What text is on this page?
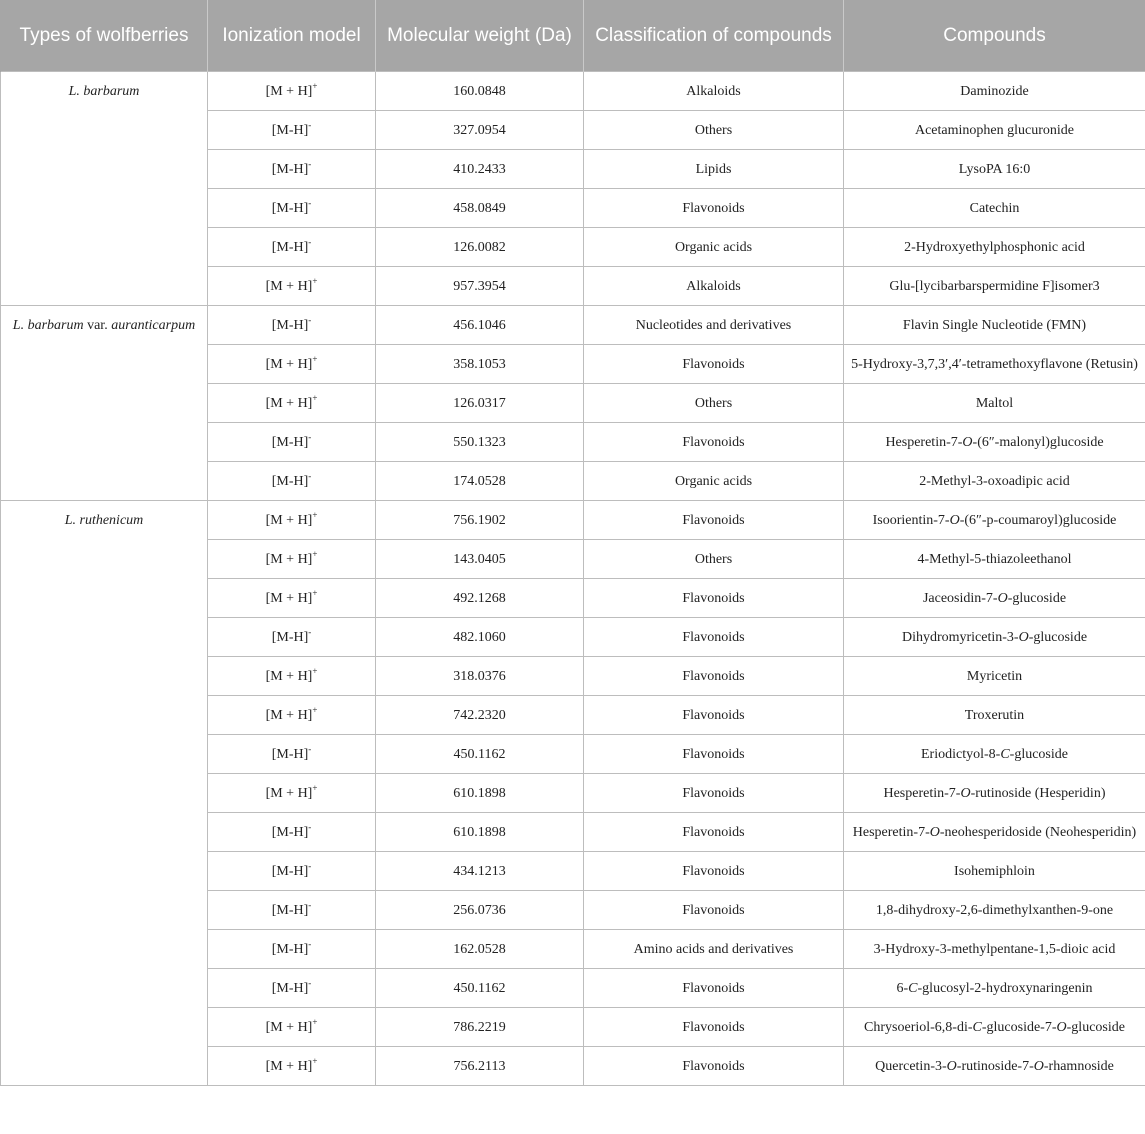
Types of wolfberries	Ionization model	Molecular weight (Da)	Classification of compounds	Compounds
L. barbarum	[M + H]+	160.0848	Alkaloids	Daminozide
	[M-H]-	327.0954	Others	Acetaminophen glucuronide
	[M-H]-	410.2433	Lipids	LysoPA 16:0
	[M-H]-	458.0849	Flavonoids	Catechin
	[M-H]-	126.0082	Organic acids	2-Hydroxyethylphosphonic acid
	[M + H]+	957.3954	Alkaloids	Glu-[lycibarbarspermidine F]isomer3
L. barbarum var. auranticarpum	[M-H]-	456.1046	Nucleotides and derivatives	Flavin Single Nucleotide (FMN)
	[M + H]+	358.1053	Flavonoids	5-Hydroxy-3,7,3′,4′-tetramethoxyflavone (Retusin)
	[M + H]+	126.0317	Others	Maltol
	[M-H]-	550.1323	Flavonoids	Hesperetin-7-O-(6″-malonyl)glucoside
	[M-H]-	174.0528	Organic acids	2-Methyl-3-oxoadipic acid
L. ruthenicum	[M + H]+	756.1902	Flavonoids	Isoorientin-7-O-(6″-p-coumaroyl)glucoside
	[M + H]+	143.0405	Others	4-Methyl-5-thiazoleethanol
	[M + H]+	492.1268	Flavonoids	Jaceosidin-7-O-glucoside
	[M-H]-	482.1060	Flavonoids	Dihydromyricetin-3-O-glucoside
	[M + H]+	318.0376	Flavonoids	Myricetin
	[M + H]+	742.2320	Flavonoids	Troxerutin
	[M-H]-	450.1162	Flavonoids	Eriodictyol-8-C-glucoside
	[M + H]+	610.1898	Flavonoids	Hesperetin-7-O-rutinoside (Hesperidin)
	[M-H]-	610.1898	Flavonoids	Hesperetin-7-O-neohesperidoside (Neohesperidin)
	[M-H]-	434.1213	Flavonoids	Isohemiphloin
	[M-H]-	256.0736	Flavonoids	1,8-dihydroxy-2,6-dimethylxanthen-9-one
	[M-H]-	162.0528	Amino acids and derivatives	3-Hydroxy-3-methylpentane-1,5-dioic acid
	[M-H]-	450.1162	Flavonoids	6-C-glucosyl-2-hydroxynaringenin
	[M + H]+	786.2219	Flavonoids	Chrysoeriol-6,8-di-C-glucoside-7-O-glucoside
	[M + H]+	756.2113	Flavonoids	Quercetin-3-O-rutinoside-7-O-rhamnoside
